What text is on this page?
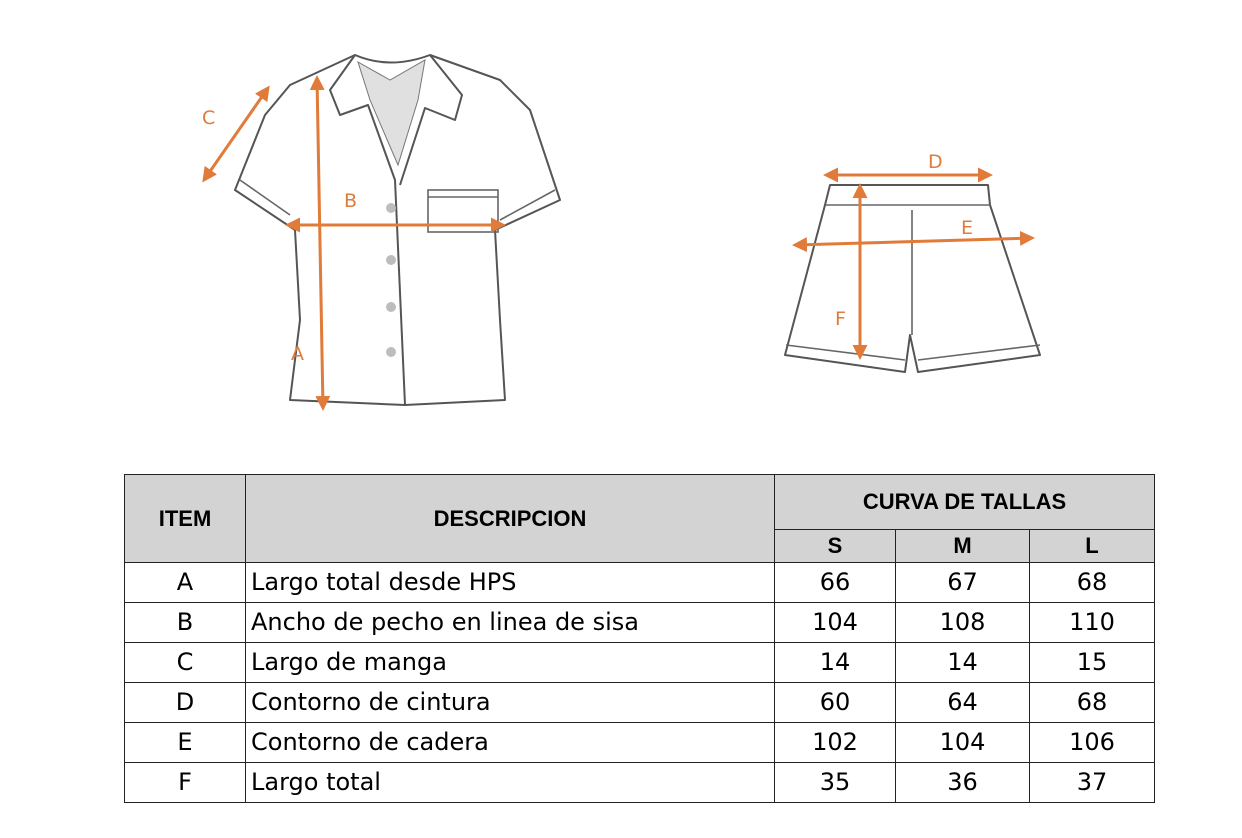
A
B
C
D
E
F
ITEM	DESCRIPCION	CURVA DE TALLAS		
		S	M	L
A	Largo total desde HPS	66	67	68
B	Ancho de pecho en linea de sisa	104	108	110
C	Largo de manga	14	14	15
D	Contorno de cintura	60	64	68
E	Contorno de cadera	102	104	106
F	Largo total	35	36	37
